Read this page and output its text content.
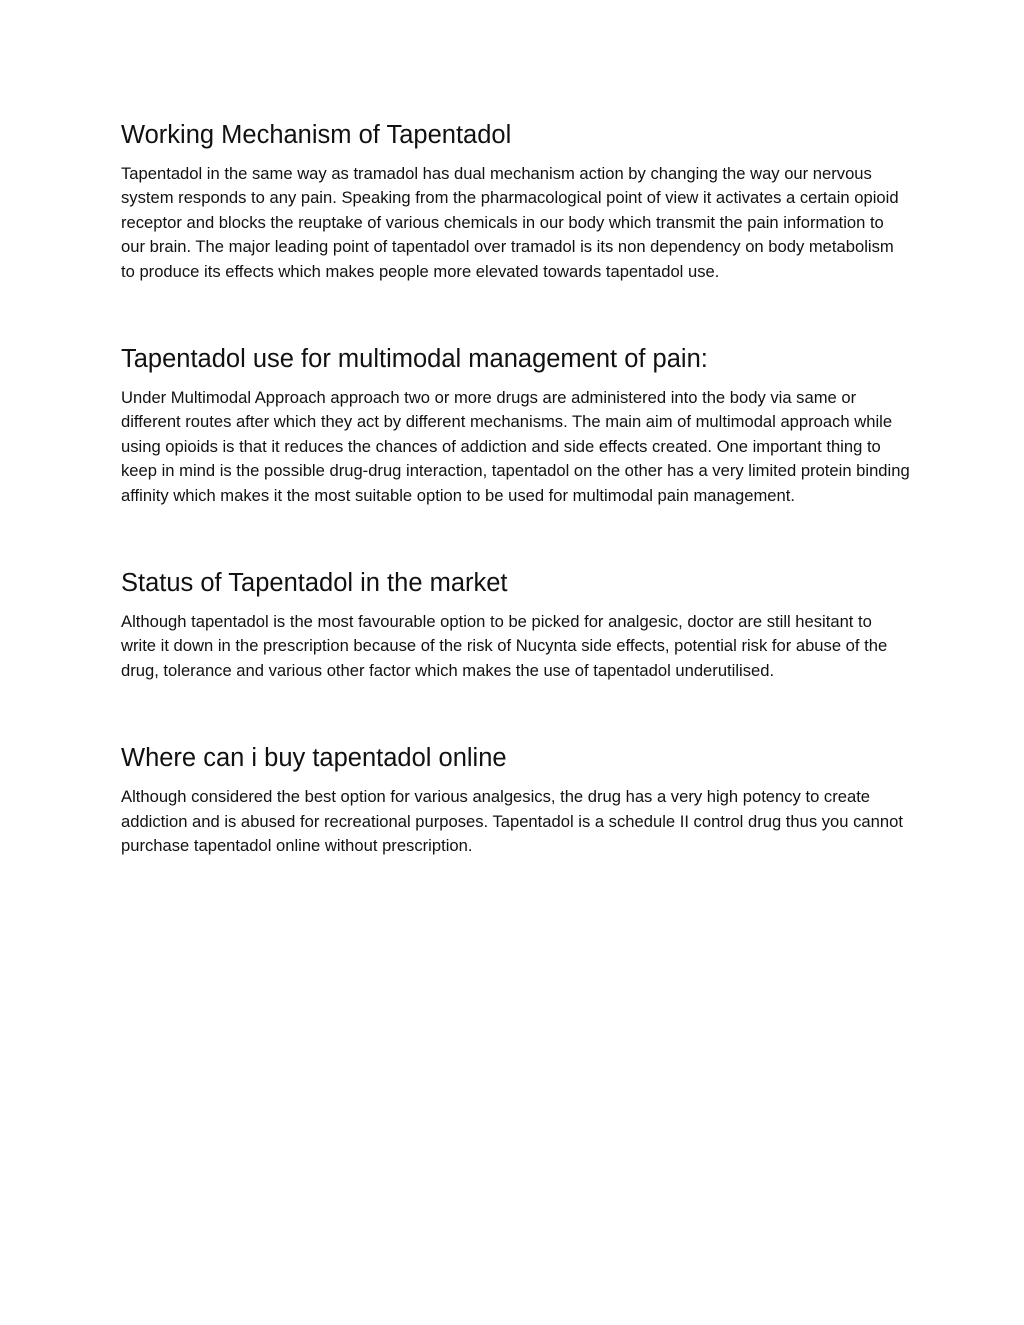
Working Mechanism of Tapentadol

Tapentadol in the same way as tramadol has dual mechanism action by changing the way our nervous system responds to any pain. Speaking from the pharmacological point of view it activates a certain opioid receptor and blocks the reuptake of various chemicals in our body which transmit the pain information to our brain. The major leading point of tapentadol over tramadol is its non dependency on body metabolism to produce its effects which makes people more elevated towards tapentadol use.

Tapentadol use for multimodal management of pain:

Under Multimodal Approach approach two or more drugs are administered into the body via same or different routes after which they act by different mechanisms. The main aim of multimodal approach while using opioids is that it reduces the chances of addiction and side effects created. One important thing to keep in mind is the possible drug-drug interaction, tapentadol on the other has a very limited protein binding affinity which makes it the most suitable option to be used for multimodal pain management.

Status of Tapentadol in the market

Although tapentadol is the most favourable option to be picked for analgesic, doctor are still hesitant to write it down in the prescription because of the risk of Nucynta side effects, potential risk for abuse of the drug, tolerance and various other factor which makes the use of tapentadol underutilised.

Where can i buy tapentadol online

Although considered the best option for various analgesics, the drug has a very high potency to create addiction and is abused for recreational purposes. Tapentadol is a schedule II control drug thus you cannot purchase tapentadol online without prescription.
